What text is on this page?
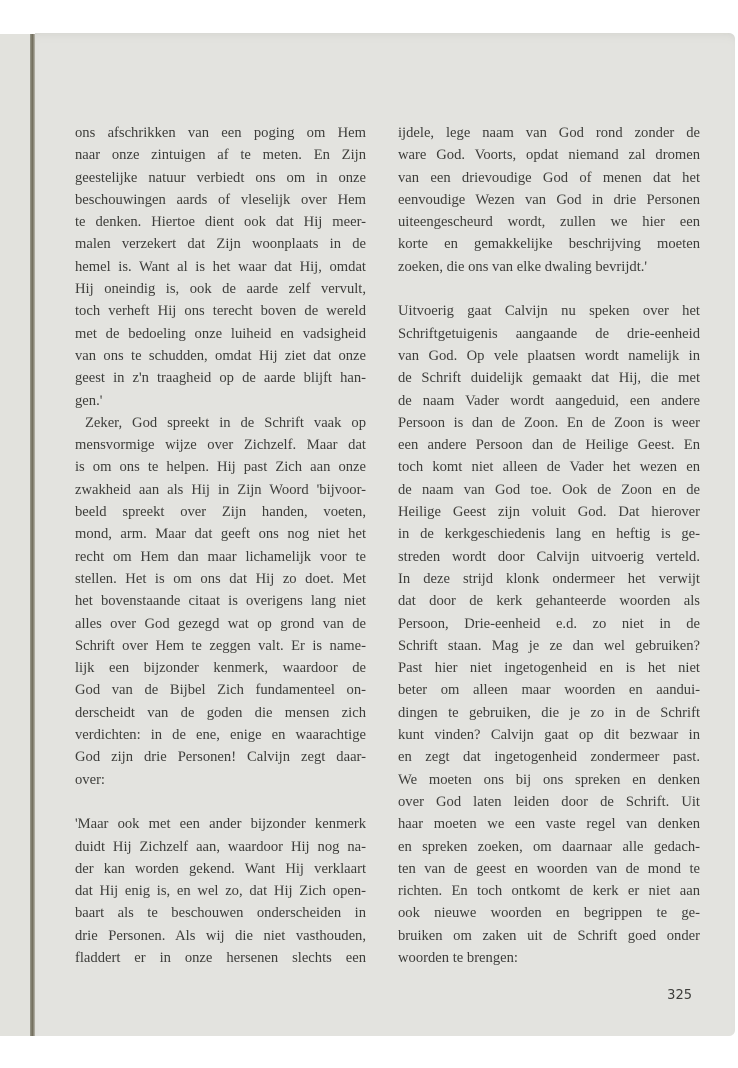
ons afschrikken van een poging om Hem
naar onze zintuigen af te meten. En Zijn
geestelijke natuur verbiedt ons om in onze
beschouwingen aards of vleselijk over Hem
te denken. Hiertoe dient ook dat Hij meer-
malen verzekert dat Zijn woonplaats in de
hemel is. Want al is het waar dat Hij, omdat
Hij oneindig is, ook de aarde zelf vervult,
toch verheft Hij ons terecht boven de wereld
met de bedoeling onze luiheid en vadsigheid
van ons te schudden, omdat Hij ziet dat onze
geest in z'n traagheid op de aarde blijft han-
gen.'
Zeker, God spreekt in de Schrift vaak op
mensvormige wijze over Zichzelf. Maar dat
is om ons te helpen. Hij past Zich aan onze
zwakheid aan als Hij in Zijn Woord 'bijvoor-
beeld spreekt over Zijn handen, voeten,
mond, arm. Maar dat geeft ons nog niet het
recht om Hem dan maar lichamelijk voor te
stellen. Het is om ons dat Hij zo doet. Met
het bovenstaande citaat is overigens lang niet
alles over God gezegd wat op grond van de
Schrift over Hem te zeggen valt. Er is name-
lijk een bijzonder kenmerk, waardoor de
God van de Bijbel Zich fundamenteel on-
derscheidt van de goden die mensen zich
verdichten: in de ene, enige en waarachtige
God zijn drie Personen! Calvijn zegt daar-
over:
'Maar ook met een ander bijzonder kenmerk
duidt Hij Zichzelf aan, waardoor Hij nog na-
der kan worden gekend. Want Hij verklaart
dat Hij enig is, en wel zo, dat Hij Zich open-
baart als te beschouwen onderscheiden in
drie Personen. Als wij die niet vasthouden,
fladdert er in onze hersenen slechts een
ijdele, lege naam van God rond zonder de
ware God. Voorts, opdat niemand zal dromen
van een drievoudige God of menen dat het
eenvoudige Wezen van God in drie Personen
uiteengescheurd wordt, zullen we hier een
korte en gemakkelijke beschrijving moeten
zoeken, die ons van elke dwaling bevrijdt.'
Uitvoerig gaat Calvijn nu speken over het
Schriftgetuigenis aangaande de drie-eenheid
van God. Op vele plaatsen wordt namelijk in
de Schrift duidelijk gemaakt dat Hij, die met
de naam Vader wordt aangeduid, een andere
Persoon is dan de Zoon. En de Zoon is weer
een andere Persoon dan de Heilige Geest. En
toch komt niet alleen de Vader het wezen en
de naam van God toe. Ook de Zoon en de
Heilige Geest zijn voluit God. Dat hierover
in de kerkgeschiedenis lang en heftig is ge-
streden wordt door Calvijn uitvoerig verteld.
In deze strijd klonk ondermeer het verwijt
dat door de kerk gehanteerde woorden als
Persoon, Drie-eenheid e.d. zo niet in de
Schrift staan. Mag je ze dan wel gebruiken?
Past hier niet ingetogenheid en is het niet
beter om alleen maar woorden en aandui-
dingen te gebruiken, die je zo in de Schrift
kunt vinden? Calvijn gaat op dit bezwaar in
en zegt dat ingetogenheid zondermeer past.
We moeten ons bij ons spreken en denken
over God laten leiden door de Schrift. Uit
haar moeten we een vaste regel van denken
en spreken zoeken, om daarnaar alle gedach-
ten van de geest en woorden van de mond te
richten. En toch ontkomt de kerk er niet aan
ook nieuwe woorden en begrippen te ge-
bruiken om zaken uit de Schrift goed onder
woorden te brengen:
325
